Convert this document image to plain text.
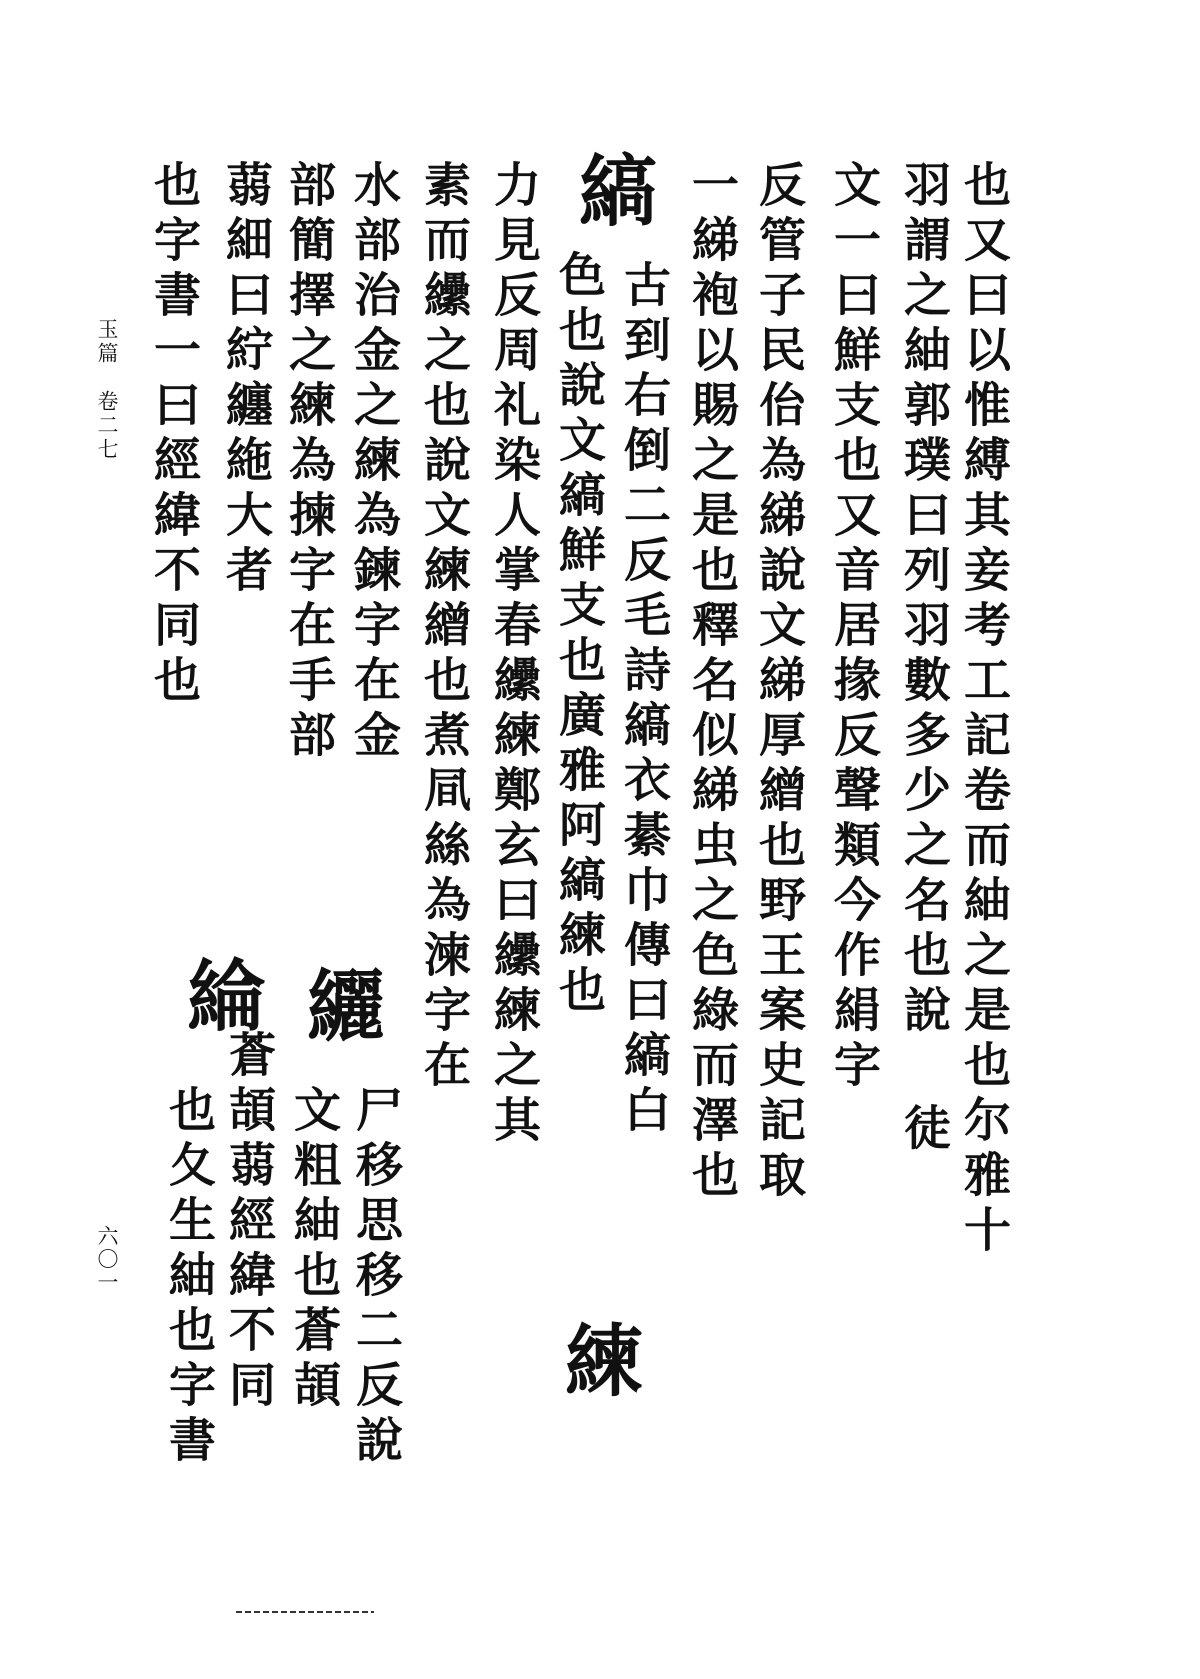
也又曰以惟縛其妾考工記卷而紬之是也尔雅十
羽謂之紬郭璞曰列羽數多少之名也說 徒
文一曰鮮支也又音居掾反聲類今作絹字
反管子民佁為綈說文綈厚繒也野王案史記取
一綈袍以賜之是也釋名似綈虫之色綠而澤也
縞
古到右倒二反毛詩縞衣綦巾傳曰縞白
色也說文縞鮮支也廣雅阿縞練也
練
力見反周礼染人掌春纝練鄭玄曰纝練之其
素而纝之也說文練繒也煮凬絲為湅字在
水部治金之練為鍊字在金
尸移思移二反說
部簡擇之練為揀字在手部
纚
文粗紬也蒼頡
蒻細曰紵纏絁大者
蒼頡蒻經緯不同
綸
也夂生紬也字書
也字書一曰經緯不同也
玉篇　卷二七
六〇一
